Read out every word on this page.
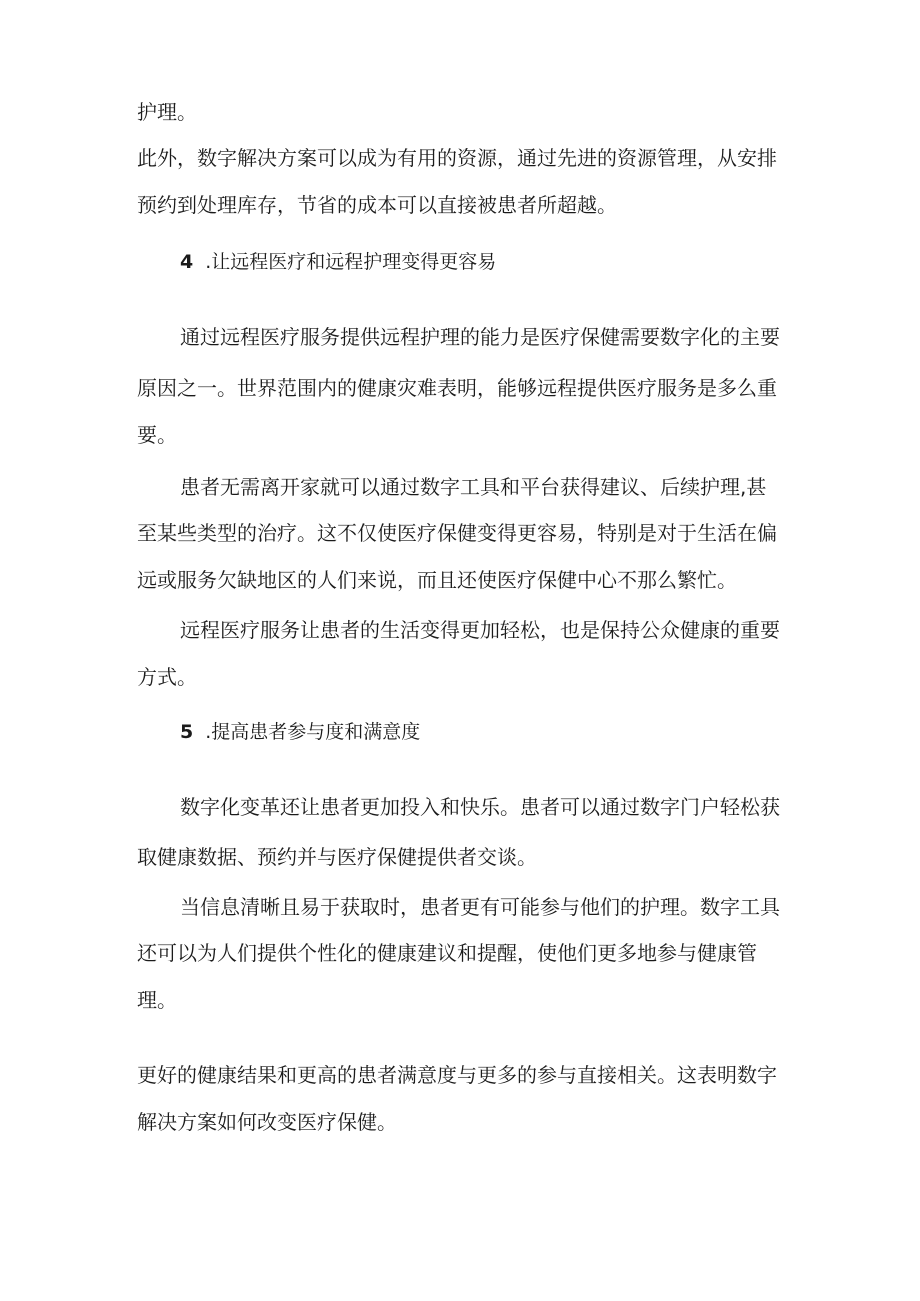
护理。
此外，数字解决方案可以成为有用的资源，通过先进的资源管理，从安排
预约到处理库存，节省的成本可以直接被患者所超越。
4 .让远程医疗和远程护理变得更容易
通过远程医疗服务提供远程护理的能力是医疗保健需要数字化的主要
原因之一。世界范围内的健康灾难表明，能够远程提供医疗服务是多么重
要。
患者无需离开家就可以通过数字工具和平台获得建议、后续护理,甚
至某些类型的治疗。这不仅使医疗保健变得更容易，特别是对于生活在偏
远或服务欠缺地区的人们来说，而且还使医疗保健中心不那么繁忙。
远程医疗服务让患者的生活变得更加轻松，也是保持公众健康的重要
方式。
5 .提高患者参与度和满意度
数字化变革还让患者更加投入和快乐。患者可以通过数字门户轻松获
取健康数据、预约并与医疗保健提供者交谈。
当信息清晰且易于获取时，患者更有可能参与他们的护理。数字工具
还可以为人们提供个性化的健康建议和提醒，使他们更多地参与健康管
理。
更好的健康结果和更高的患者满意度与更多的参与直接相关。这表明数字
解决方案如何改变医疗保健。
